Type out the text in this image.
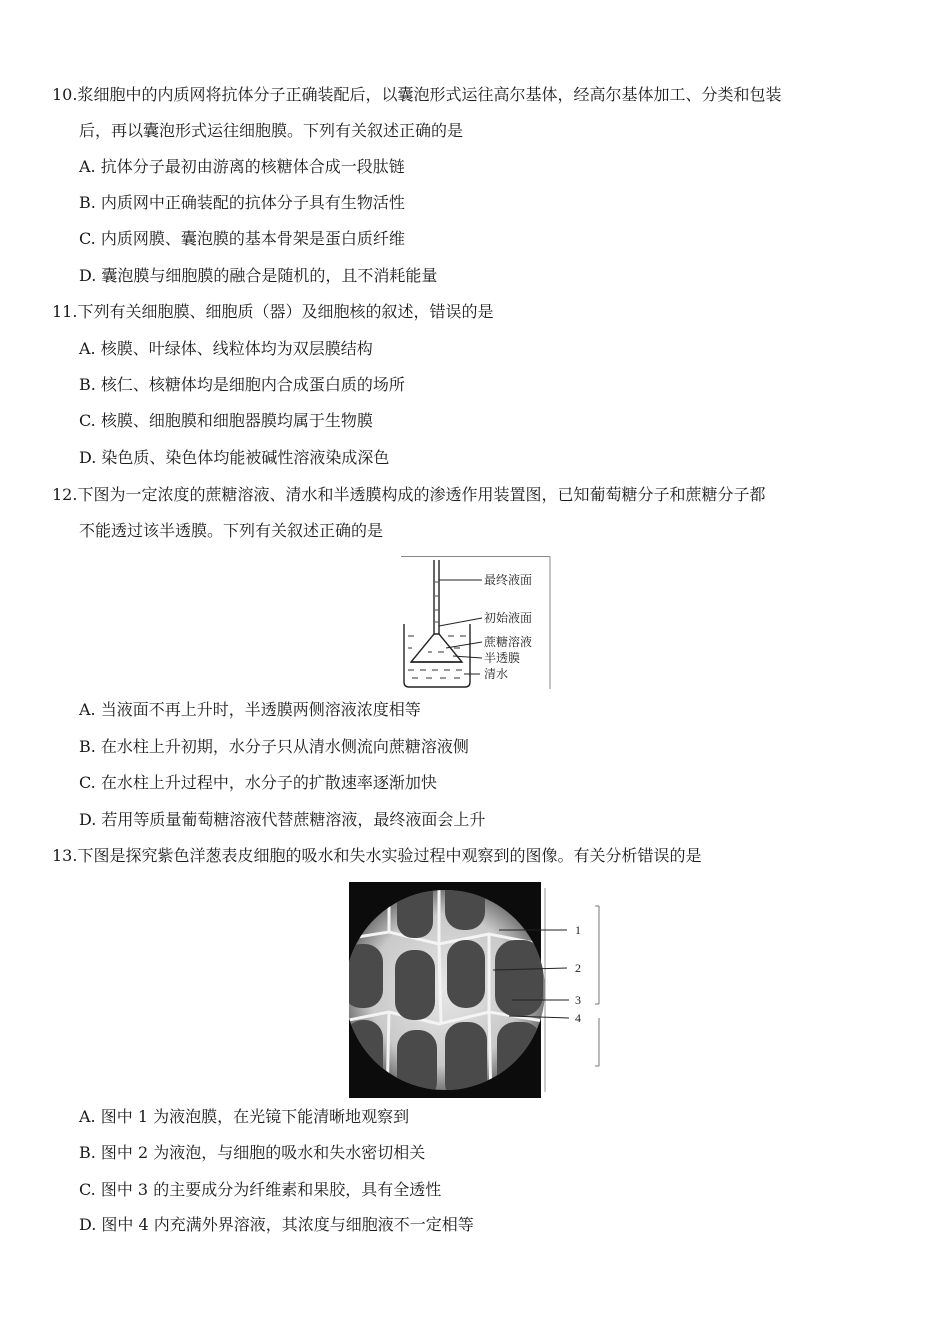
10.浆细胞中的内质网将抗体分子正确装配后，以囊泡形式运往高尔基体，经高尔基体加工、分类和包装
后，再以囊泡形式运往细胞膜。下列有关叙述正确的是
A. 抗体分子最初由游离的核糖体合成一段肽链
B. 内质网中正确装配的抗体分子具有生物活性
C. 内质网膜、囊泡膜的基本骨架是蛋白质纤维
D. 囊泡膜与细胞膜的融合是随机的，且不消耗能量
11.下列有关细胞膜、细胞质（器）及细胞核的叙述，错误的是
A. 核膜、叶绿体、线粒体均为双层膜结构
B. 核仁、核糖体均是细胞内合成蛋白质的场所
C. 核膜、细胞膜和细胞器膜均属于生物膜
D. 染色质、染色体均能被碱性溶液染成深色
12.下图为一定浓度的蔗糖溶液、清水和半透膜构成的渗透作用装置图，已知葡萄糖分子和蔗糖分子都
不能透过该半透膜。下列有关叙述正确的是
最终液面
初始液面
蔗糖溶液
半透膜
清水
A. 当液面不再上升时，半透膜两侧溶液浓度相等
B. 在水柱上升初期，水分子只从清水侧流向蔗糖溶液侧
C. 在水柱上升过程中，水分子的扩散速率逐渐加快
D. 若用等质量葡萄糖溶液代替蔗糖溶液，最终液面会上升
13.下图是探究紫色洋葱表皮细胞的吸水和失水实验过程中观察到的图像。有关分析错误的是
1
2
3
4
A. 图中 1 为液泡膜，在光镜下能清晰地观察到
B. 图中 2 为液泡，与细胞的吸水和失水密切相关
C. 图中 3 的主要成分为纤维素和果胶，具有全透性
D. 图中 4 内充满外界溶液，其浓度与细胞液不一定相等
